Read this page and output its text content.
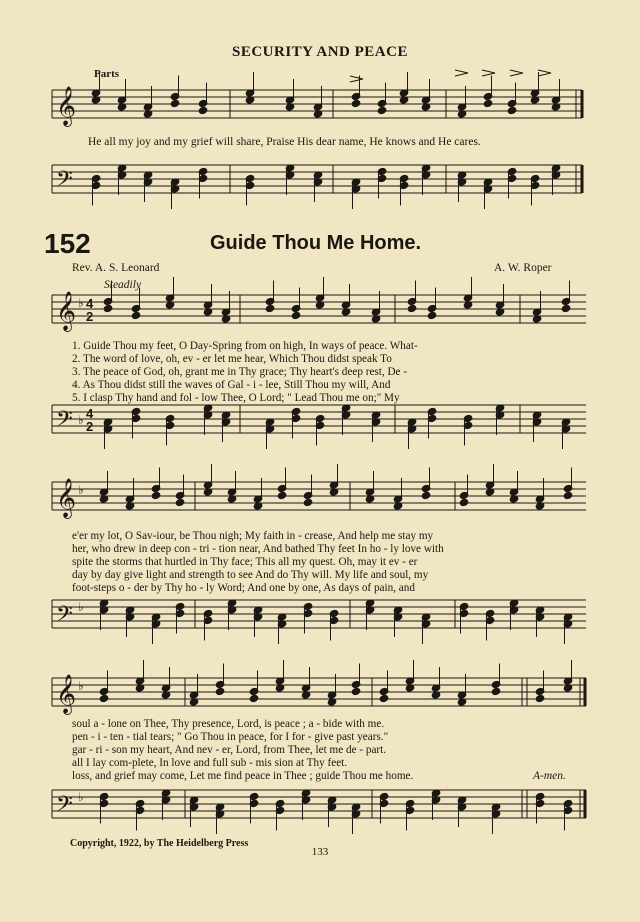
SECURITY AND PEACE
Parts
𝄞
𝄢
𝄞
𝄢
𝄞
𝄢
𝄞
𝄢
♭
♭
♭
♭
♭
♭
4
2
4
2
He all my joy and my grief will share, Praise His dear name, He knows and He cares.
152	Guide Thou Me Home.
Rev. A. S. Leonard	A. W. Roper
Steadily
1. Guide Thou my feet, O Day-Spring from on high, In ways of peace. What-
2. The word of love, oh, ev - er let me hear, Which Thou didst speak To
3. The peace of God, oh, grant me in Thy grace; Thy heart's deep rest, De -
4. As Thou didst still the waves of Gal - i - lee, Still Thou my will, And
5. I clasp Thy hand and fol - low Thee, O Lord; " Lead Thou me on;" My
e'er my lot, O Sav-iour, be Thou nigh; My faith in - crease, And help me stay my
her, who drew in deep con - tri - tion near, And bathed Thy feet In ho - ly love with
spite the storms that hurtled in Thy face; This all my quest. Oh, may it ev - er
day by day give light and strength to see And do Thy will. My life and soul, my
foot-steps o - der by Thy ho - ly Word; And one by one, As days of pain, and
soul a - lone on Thee, Thy presence, Lord, is peace ; a - bide with me.
pen - i - ten - tial tears; " Go Thou in peace, for I for - give past years."
gar - ri - son my heart, And nev - er, Lord, from Thee, let me de - part.
all I lay com-plete, In love and full sub - mis sion at Thy feet.
loss, and grief may come, Let me find peace in Thee ; guide Thou me home.	A-men.
Copyright, 1922, by The Heidelberg Press
133
